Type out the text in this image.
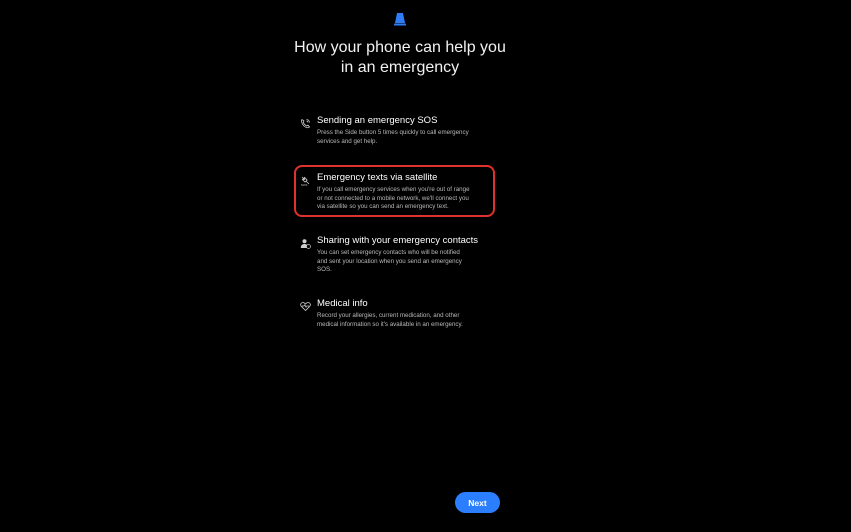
How your phone can help you
in an emergency
Sending an emergency SOS
Press the Side button 5 times quickly to call emergency
services and get help.
SOS
Emergency texts via satellite
If you call emergency services when you're out of range
or not connected to a mobile network, we'll connect you
via satellite so you can send an emergency text.
Sharing with your emergency contacts
You can set emergency contacts who will be notified
and sent your location when you send an emergency
SOS.
Medical info
Record your allergies, current medication, and other
medical information so it's available in an emergency.
Next
